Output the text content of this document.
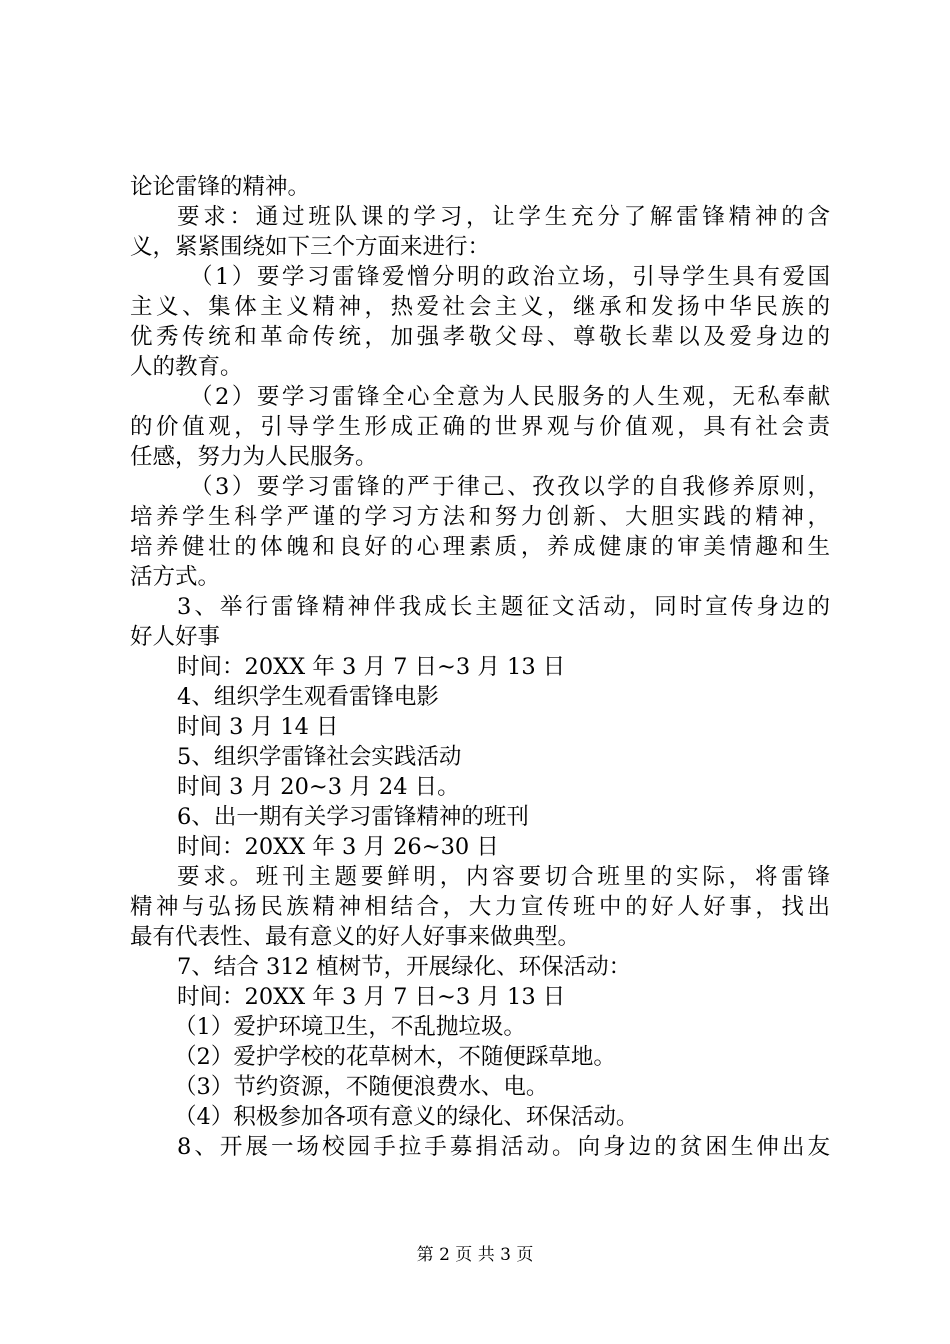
论论雷锋的精神。

要求：通过班队课的学习，让学生充分了解雷锋精神的含

义，紧紧围绕如下三个方面来进行：

（1）要学习雷锋爱憎分明的政治立场，引导学生具有爱国

主义、集体主义精神，热爱社会主义，继承和发扬中华民族的

优秀传统和革命传统，加强孝敬父母、尊敬长辈以及爱身边的

人的教育。

（2）要学习雷锋全心全意为人民服务的人生观，无私奉献

的价值观，引导学生形成正确的世界观与价值观，具有社会责

任感，努力为人民服务。

（3）要学习雷锋的严于律己、孜孜以学的自我修养原则，

培养学生科学严谨的学习方法和努力创新、大胆实践的精神，

培养健壮的体魄和良好的心理素质，养成健康的审美情趣和生

活方式。

3、举行雷锋精神伴我成长主题征文活动，同时宣传身边的

好人好事

时间：20XX 年 3 月 7 日~3 月 13 日

4、组织学生观看雷锋电影

时间 3 月 14 日

5、组织学雷锋社会实践活动

时间 3 月 20~3 月 24 日。

6、出一期有关学习雷锋精神的班刊

时间：20XX 年 3 月 26~30 日

要求。班刊主题要鲜明，内容要切合班里的实际，将雷锋

精神与弘扬民族精神相结合，大力宣传班中的好人好事，找出

最有代表性、最有意义的好人好事来做典型。

7、结合 312 植树节，开展绿化、环保活动：

时间：20XX 年 3 月 7 日~3 月 13 日

（1）爱护环境卫生，不乱抛垃圾。

（2）爱护学校的花草树木，不随便踩草地。

（3）节约资源，不随便浪费水、电。

（4）积极参加各项有意义的绿化、环保活动。

8、开展一场校园手拉手募捐活动。向身边的贫困生伸出友

第 2 页 共 3 页
